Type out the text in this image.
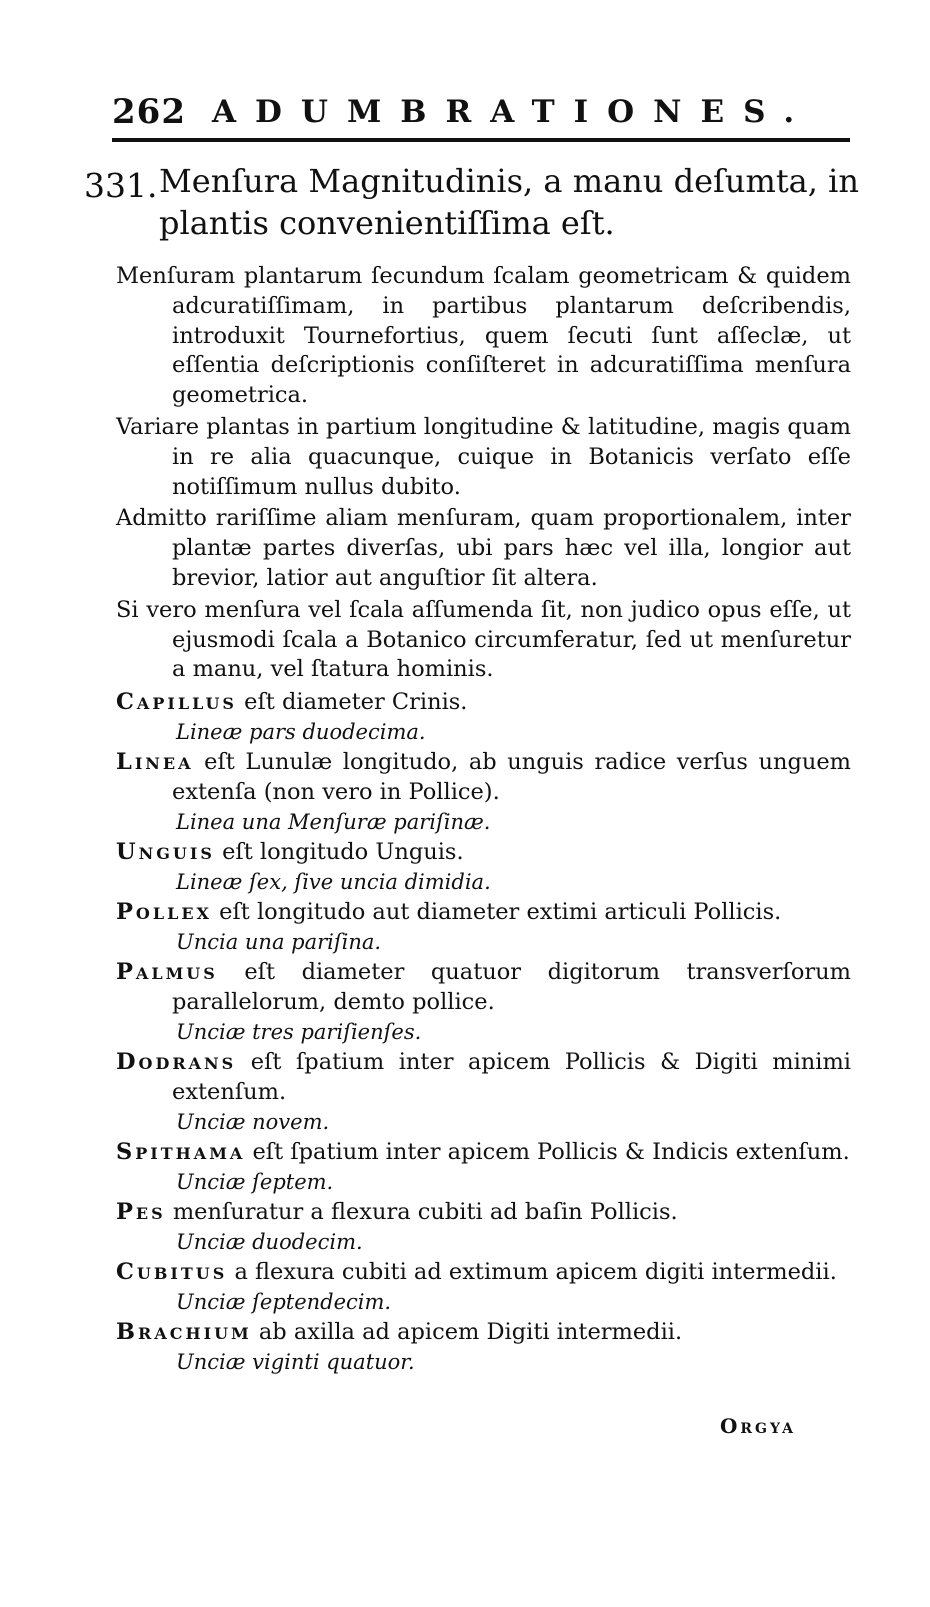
262 ADUMBRATIONES.
331. Menſura Magnitudinis, a manu deſumta, in plantis convenientiſſima eſt.

Menſuram plantarum ſecundum ſcalam geometricam & quidem adcuratiſſimam, in partibus plantarum deſcribendis, introduxit Tournefortius, quem ſecuti ſunt aſſeclæ, ut eſſentia deſcriptionis conſiſteret in adcuratiſſima menſura geometrica.

Variare plantas in partium longitudine & latitudine, magis quam in re alia quacunque, cuique in Botanicis verſato eſſe notiſſimum nullus dubito.

Admitto rariſſime aliam menſuram, quam proportionalem, inter plantæ partes diverſas, ubi pars hæc vel illa, longior aut brevior, latior aut anguſtior ſit altera.

Si vero menſura vel ſcala aſſumenda ſit, non judico opus eſſe, ut ejusmodi ſcala a Botanico circumferatur, ſed ut menſuretur a manu, vel ſtatura hominis.

Capillus eſt diameter Crinis.

Lineæ pars duodecima.

Linea eſt Lunulæ longitudo, ab unguis radice verſus unguem extenſa (non vero in Pollice).

Linea una Menſuræ pariſinæ.

Unguis eſt longitudo Unguis.

Lineæ ſex, ſive uncia dimidia.

Pollex eſt longitudo aut diameter extimi articuli Pollicis.

Uncia una pariſina.

Palmus eſt diameter quatuor digitorum transverſorum parallelorum, demto pollice.

Unciæ tres pariſienſes.

Dodrans eſt ſpatium inter apicem Pollicis & Digiti minimi extenſum.

Unciæ novem.

Spithama eſt ſpatium inter apicem Pollicis & Indicis extenſum.

Unciæ ſeptem.

Pes menſuratur a flexura cubiti ad baſin Pollicis.

Unciæ duodecim.

Cubitus a flexura cubiti ad extimum apicem digiti intermedii.

Unciæ ſeptendecim.

Brachium ab axilla ad apicem Digiti intermedii.

Unciæ viginti quatuor.

Orgya
